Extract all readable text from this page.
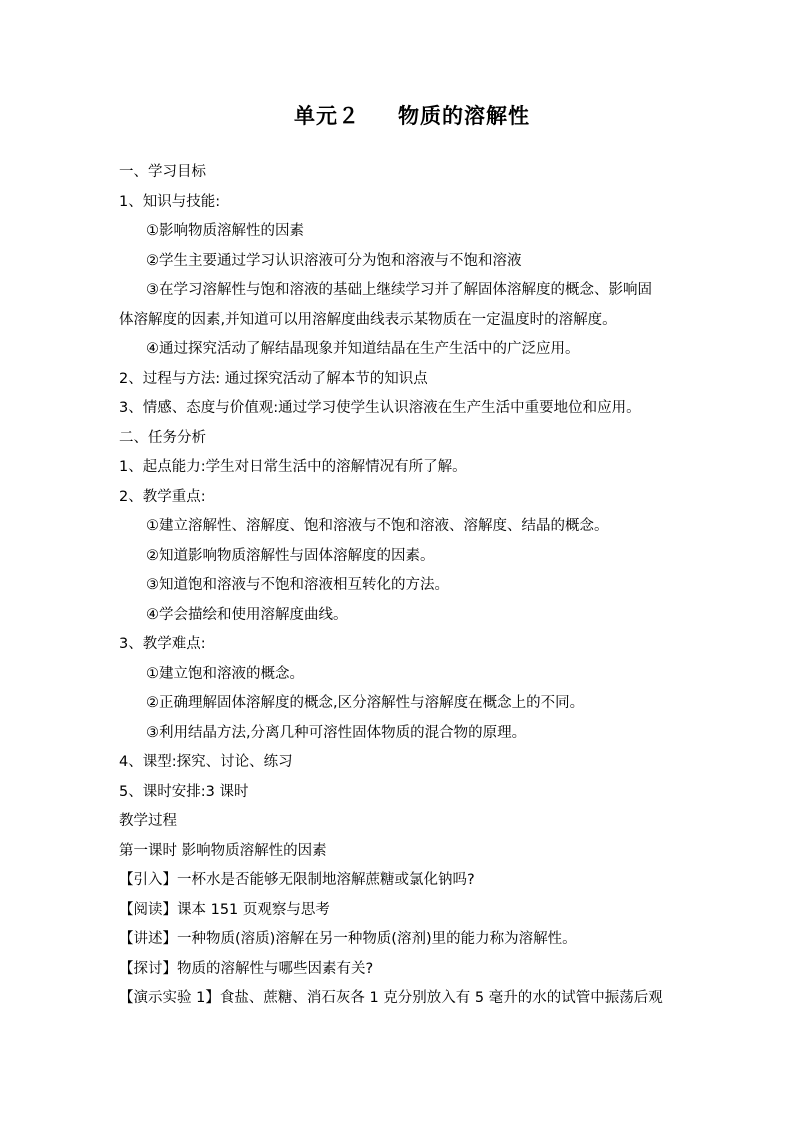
单元２ 物质的溶解性
一、学习目标
1、知识与技能:
①影响物质溶解性的因素
②学生主要通过学习认识溶液可分为饱和溶液与不饱和溶液
③在学习溶解性与饱和溶液的基础上继续学习并了解固体溶解度的概念、影响固
体溶解度的因素,并知道可以用溶解度曲线表示某物质在一定温度时的溶解度。
④通过探究活动了解结晶现象并知道结晶在生产生活中的广泛应用。
2、过程与方法: 通过探究活动了解本节的知识点
3、情感、态度与价值观:通过学习使学生认识溶液在生产生活中重要地位和应用。
二、任务分析
1、起点能力:学生对日常生活中的溶解情况有所了解。
2、教学重点:
①建立溶解性、溶解度、饱和溶液与不饱和溶液、溶解度、结晶的概念。
②知道影响物质溶解性与固体溶解度的因素。
③知道饱和溶液与不饱和溶液相互转化的方法。
④学会描绘和使用溶解度曲线。
3、教学难点:
①建立饱和溶液的概念。
②正确理解固体溶解度的概念,区分溶解性与溶解度在概念上的不同。
③利用结晶方法,分离几种可溶性固体物质的混合物的原理。
4、课型:探究、讨论、练习
5、课时安排:3 课时
教学过程
第一课时 影响物质溶解性的因素
【引入】一杯水是否能够无限制地溶解蔗糖或氯化钠吗?
【阅读】课本 151 页观察与思考
【讲述】一种物质(溶质)溶解在另一种物质(溶剂)里的能力称为溶解性。
【探讨】物质的溶解性与哪些因素有关?
【演示实验 1】食盐、蔗糖、消石灰各 1 克分别放入有 5 毫升的水的试管中振荡后观
